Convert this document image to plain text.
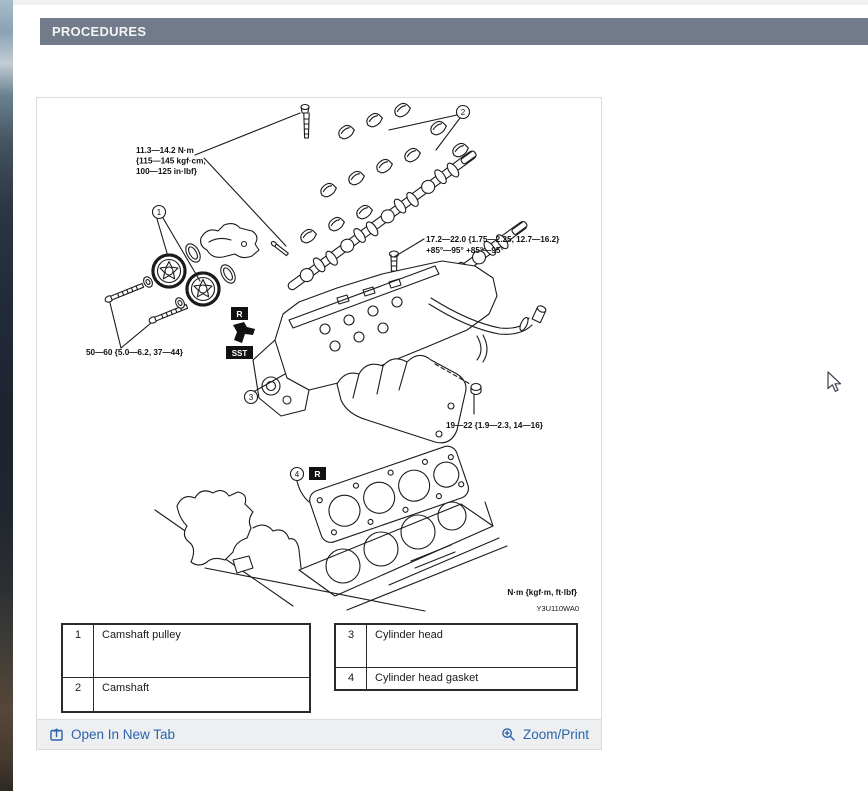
PROCEDURES
11.3—14.2 N·m
{115—145 kgf·cm,
100—125 in·lbf}
17.2—22.0 {1.75—2.25, 12.7—16.2}
+85°—95° +85°—95°
50—60 {5.0—6.2, 37—44}
19—22 {1.9—2.3, 14—16}
N·m {kgf·m, ft·lbf}
Y3U110WA0
1
2
3
4
R
SST
R
1	Camshaft pulley
2	Camshaft
3	Cylinder head
4	Cylinder head gasket
Open In New Tab	Zoom/Print
